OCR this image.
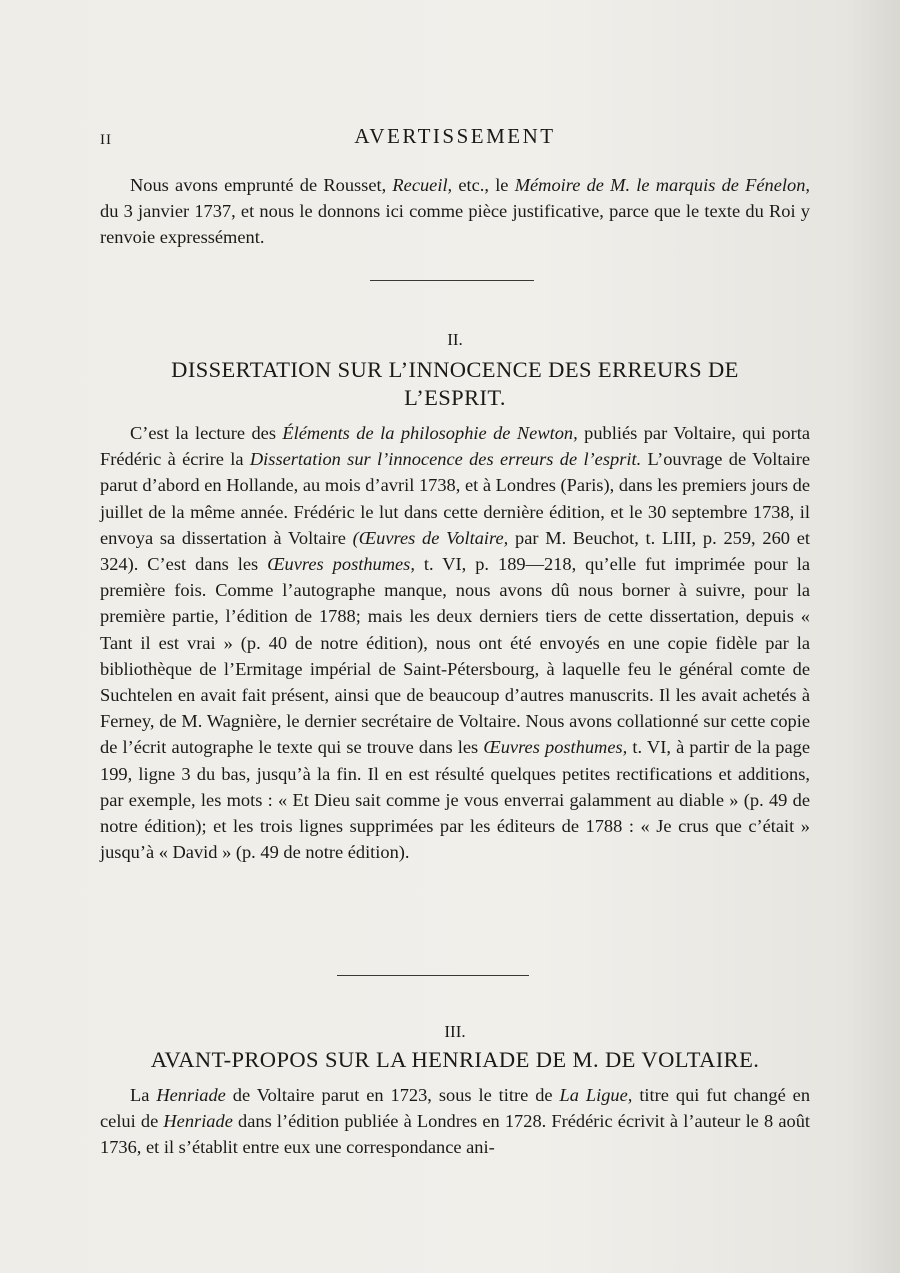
II	AVERTISSEMENT

Nous avons emprunté de Rousset, Recueil, etc., le Mémoire de M. le marquis de Fénelon, du 3 janvier 1737, et nous le donnons ici comme pièce justificative, parce que le texte du Roi y renvoie expressément.

II.
DISSERTATION SUR L’INNOCENCE DES ERREURS DE
L’ESPRIT.

C’est la lecture des Éléments de la philosophie de Newton, publiés par Voltaire, qui porta Frédéric à écrire la Dissertation sur l’innocence des erreurs de l’esprit. L’ouvrage de Voltaire parut d’abord en Hollande, au mois d’avril 1738, et à Londres (Paris), dans les premiers jours de juillet de la même année. Frédéric le lut dans cette dernière édition, et le 30 septembre 1738, il envoya sa dissertation à Voltaire (Œuvres de Voltaire, par M. Beuchot, t. LIII, p. 259, 260 et 324). C’est dans les Œuvres posthumes, t. VI, p. 189—218, qu’elle fut imprimée pour la première fois. Comme l’autographe manque, nous avons dû nous borner à suivre, pour la première partie, l’édition de 1788; mais les deux derniers tiers de cette dissertation, depuis « Tant il est vrai » (p. 40 de notre édition), nous ont été envoyés en une copie fidèle par la bibliothèque de l’Ermitage impérial de Saint-Pétersbourg, à laquelle feu le général comte de Suchtelen en avait fait présent, ainsi que de beaucoup d’autres manuscrits. Il les avait achetés à Ferney, de M. Wagnière, le dernier secrétaire de Voltaire. Nous avons collationné sur cette copie de l’écrit autographe le texte qui se trouve dans les Œuvres posthumes, t. VI, à partir de la page 199, ligne 3 du bas, jusqu’à la fin. Il en est résulté quelques petites rectifications et additions, par exemple, les mots : « Et Dieu sait comme je vous enverrai galamment au diable » (p. 49 de notre édition); et les trois lignes supprimées par les éditeurs de 1788 : « Je crus que c’était » jusqu’à « David » (p. 49 de notre édition).

III.
AVANT-PROPOS SUR LA HENRIADE DE M. DE VOLTAIRE.

La Henriade de Voltaire parut en 1723, sous le titre de La Ligue, titre qui fut changé en celui de Henriade dans l’édition publiée à Londres en 1728. Frédéric écrivit à l’auteur le 8 août 1736, et il s’établit entre eux une correspondance ani-
